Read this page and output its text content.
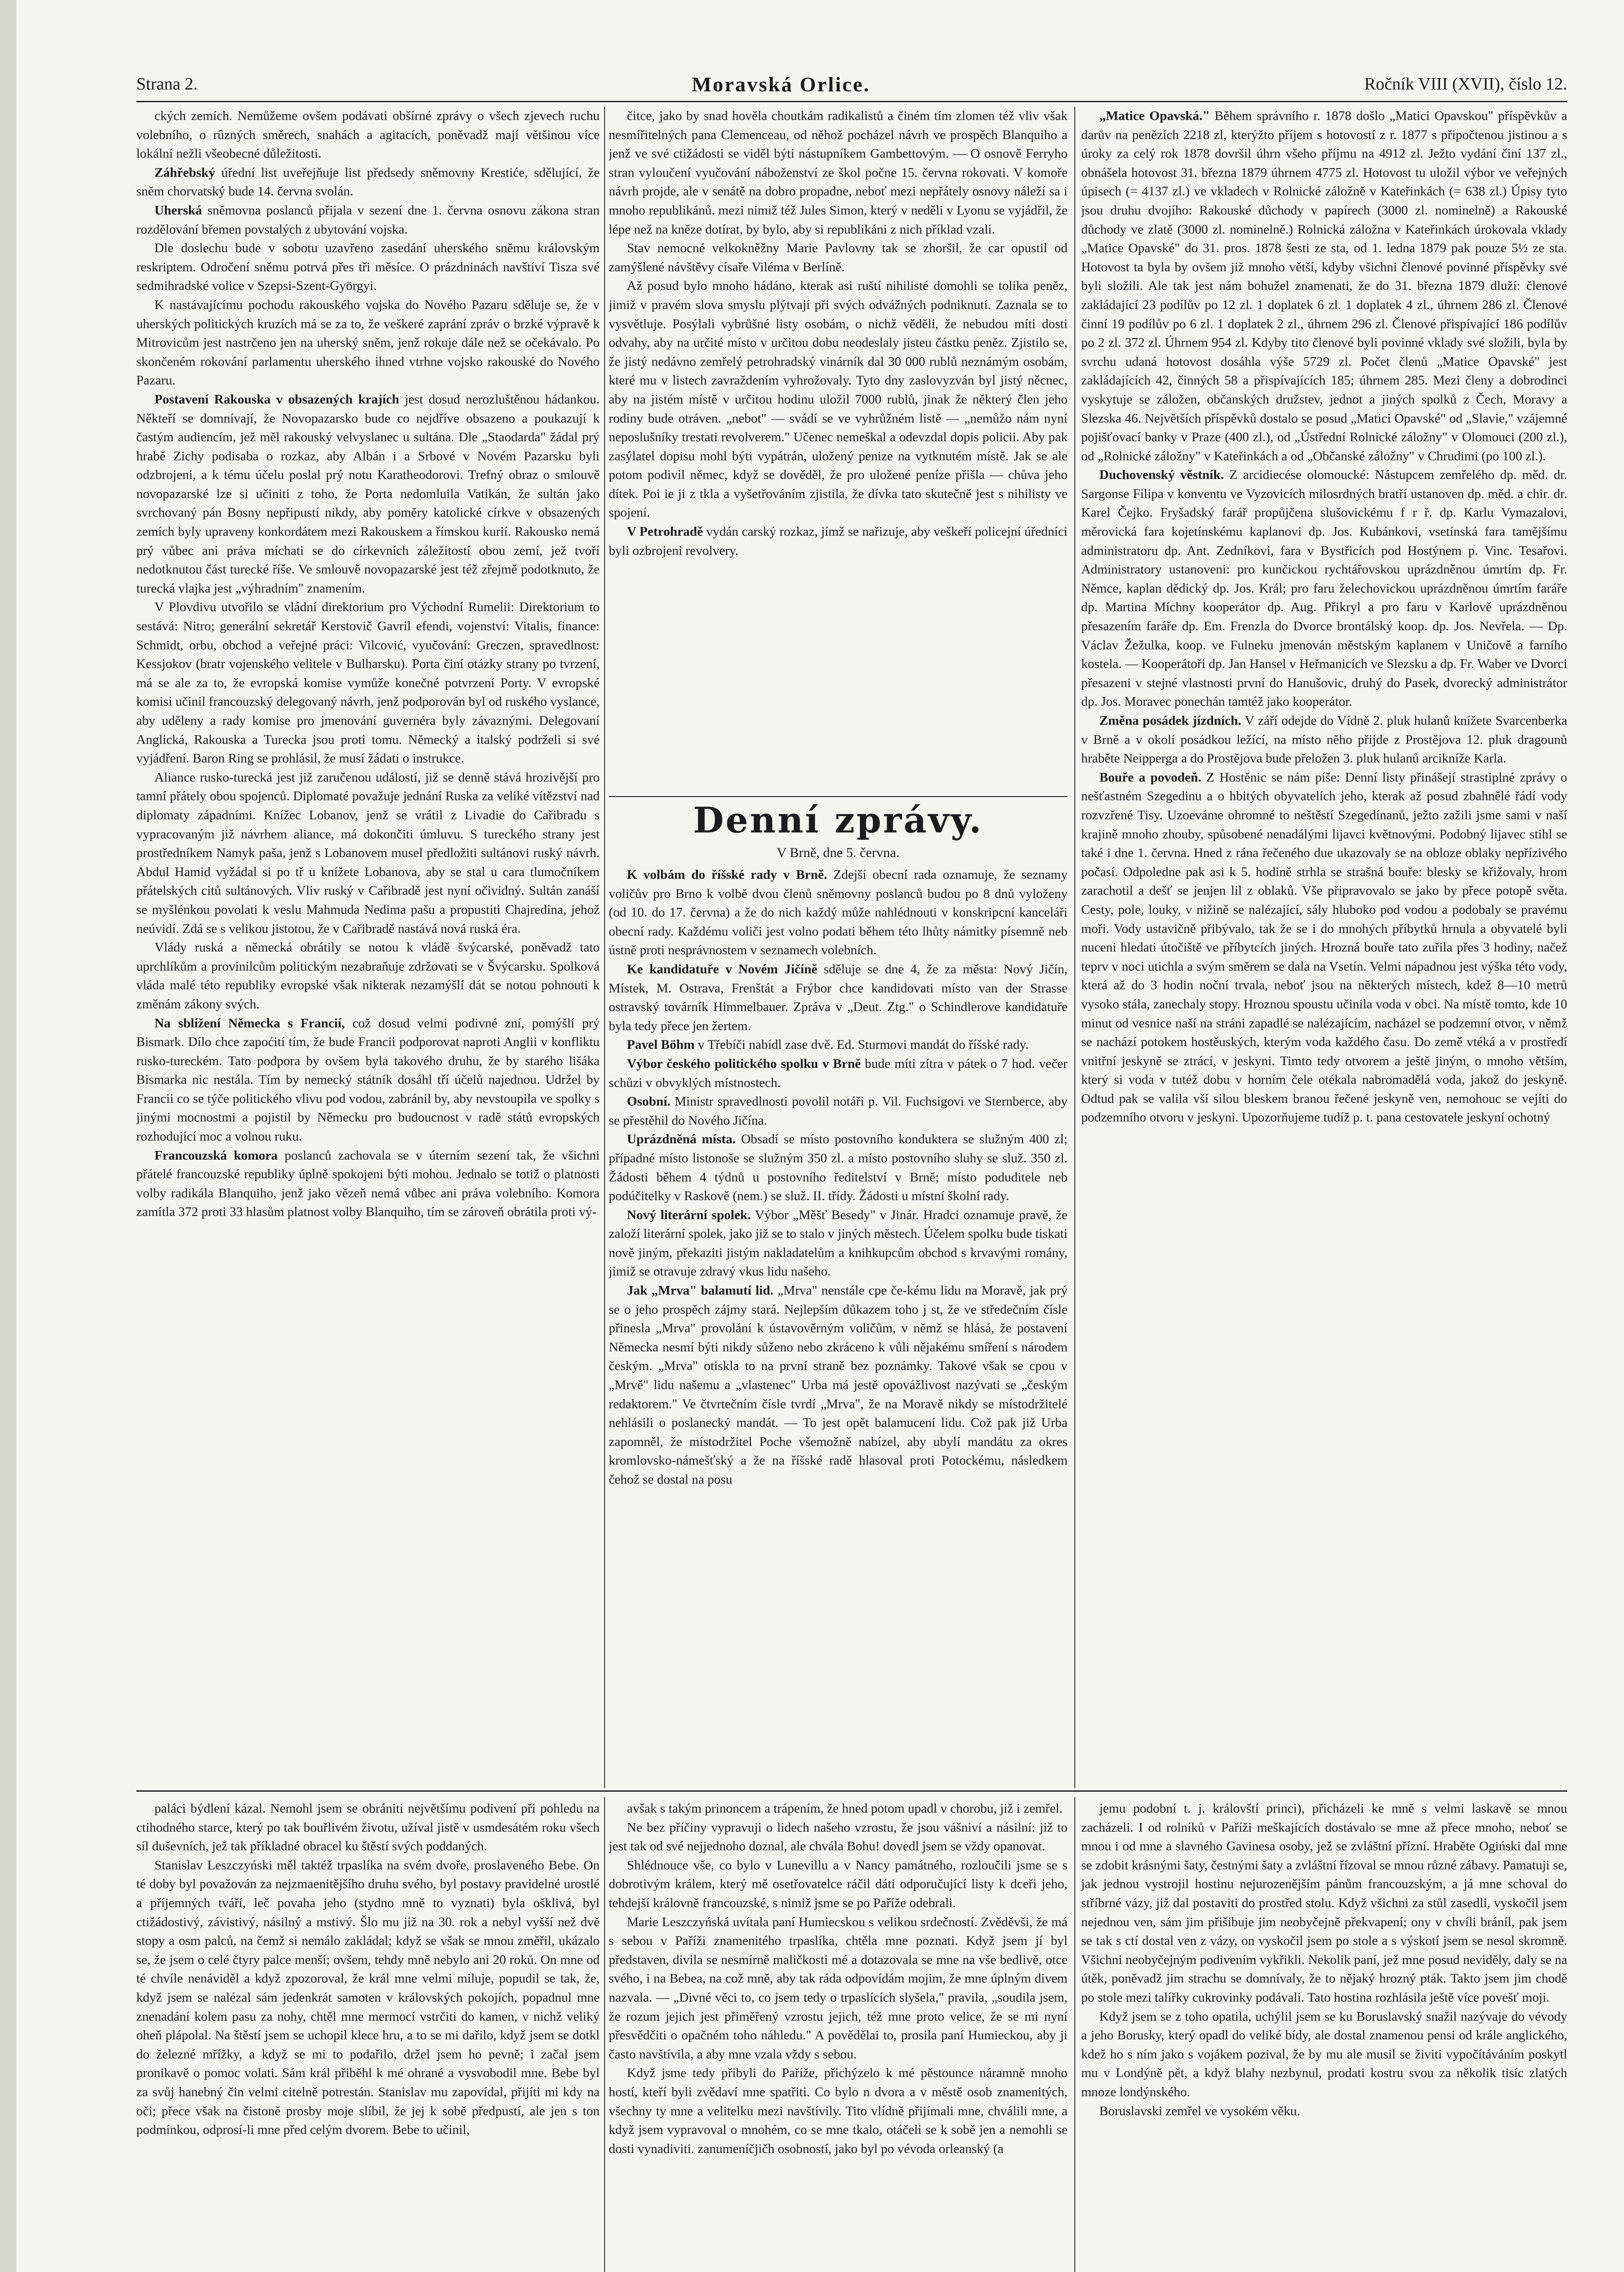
Strana 2.	Moravská Orlice.	Ročník VIII (XVII), číslo 12.

ckých zemích. Nemůžeme ovšem podávati obšírné zprávy o všech zjevech ruchu volebního, o rûzných směrech, snahách a agitacích, poněvadž mají většinou více lokální nežli všeobecné důležitosti.

Záhřebský úřední list uveřejňuje list předsedy sněmovny Krestiće, sdělující, že sněm chorvatský bude 14. června svolán.

Uherská sněmovna poslanců přijala v sezení dne 1. června osnovu zákona stran rozdělování břemen povstalých z ubytování vojska.

Dle doslechu bude v sobotu uzavřeno zasedání uherského sněmu královským reskriptem. Odročení sněmu potrvá přes tři měsíce. O prázdninách navštíví Tisza své sedmihradské volice v Szepsi-Szent-Györgyi.

K nastávajícímu pochodu rakouského vojska do Nového Pazaru sděluje se, že v uherských politických kruzích má se za to, že veškeré zaprání zpráv o brzké výpravě k Mitrovicům jest nastrčeno jen na uherský sněm, jenž rokuje dále než se očekávalo. Po skončeném rokování parlamentu uherského ihned vtrhne vojsko rakouské do Nového Pazaru.

Postavení Rakouska v obsazených krajích jest dosud nerozluštěnou hádankou. Někteří se domnívají, že Novopazarsko bude co nejdříve obsazeno a poukazují k častým audiencím, jež měl rakouský velvyslanec u sultána. Dle „Staodarda" žádal prý hrabě Zichy podisaba o rozkaz, aby Albán i a Srbové v Novém Pazarsku byli odzbrojeni, a k tému účelu poslal prý notu Karatheodorovi. Trefný obraz o smlouvě novopazarské lze si učiniti z toho, že Porta nedomluila Vatikán, že sultán jako svrchovaný pán Bosny nepřipustí nikdy, aby poměry katolické církve v obsazených zemích byly upraveny konkordátem mezi Rakouskem a římskou kurií. Rakousko nemá prý vůbec ani práva míchati se do církevních záležitostí obou zemí, jež tvoří nedotknutou část turecké říše. Ve smlouvě novopazarské jest též zřejmě podotknuto, že turecká vlajka jest „výhradním" znamením.

V Plovdivu utvořilo se vládní direktorium pro Východní Rumelii: Direktorium to sestává: Nitro; generální sekretář Kerstovič Gavril efendi, vojenství: Vitalis, finance: Schmidt, orbu, obchod a veřejné práci: Vilcović, vyučování: Greczen, spravedlnost: Kessjokov (bratr vojenského velitele v Bulharsku). Porta činí otázky strany po tvrzení, má se ale za to, že evropská komise vymůže konečné potvrzení Porty. V evropské komisi učinil francouzský delegovaný návrh, jenž podporován byl od ruského vyslance, aby uděleny a rady komise pro jmenování guvernéra byly závaznými. Delegovaní Anglická, Rakouska a Turecka jsou proti tomu. Německý a italský podrželi si své vyjádření. Baron Ring se prohlásil, že musí žádati o instrukce.

Aliance rusko-turecká jest již zaručenou událostí, již se denně stává hrozivější pro tamní přátely obou spojenců. Diplomaté považuje jednání Ruska za veliké vítězství nad diplomaty západními. Knížec Lobanov, jenž se vrátil z Livadie do Cařibradu s vypracovaným již návrhem aliance, má dokončiti úmluvu. S tureckého strany jest prostředníkem Namyk paša, jenž s Lobanovem musel předložiti sultánovi ruský návrh. Abdul Hamid vyžádal si po tř u knížete Lobanova, aby se stal u cara tlumočníkem přátelských citů sultánových. Vliv ruský v Cařibradě jest nyní očividný. Sultán zanáší se myšlénkou povolati k veslu Mahmuda Nedima pašu a propustiti Chajredina, jehož neúvidí. Zdá se s velikou jistotou, že v Cařibradě nastává nová ruská éra.

Vlády ruská a německá obrátily se notou k vládě švýcarské, poněvadž tato uprchlíkům a provinilcům politickým nezabraňuje zdržovati se v Švýcarsku. Spolková vláda malé této republiky evropské však nikterak nezamýšlí dát se notou pohnouti k změnám zákony svých.

Na sblížení Německa s Francií, což dosud velmi podivné zní, pomýšlí prý Bismark. Dílo chce zapoćití tím, že bude Francii podporovat naproti Anglii v konfliktu rusko-tureckém. Tato podpora by ovšem byla takového druhu, že by starého lišáka Bismarka nic nestála. Tím by nemecký státník dosáhl tří účelů najednou. Udržel by Francii co se týče politického vlivu pod vodou, zabránil by, aby nevstoupila ve spolky s jinými mocnostmi a pojistil by Německu pro budoucnost v radě států evropských rozhodující moc a volnou ruku.

Francouzská komora poslanců zachovala se v úterním sezení tak, že všichni přátelé francouzské republiky úplně spokojeni býti mohou. Jednalo se totiž o platnosti volby radikála Blanquiho, jenž jako vězeň nemá vůbec ani práva volebního. Komora zamítla 372 proti 33 hlasům platnost volby Blanquiho, tím se zároveň obrátila proti vý-

čitce, jako by snad hověla choutkám radikalistů a činém tím zlomen též vliv však nesmířitelných pana Clemenceau, od něhož pocházel návrh ve prospěch Blanquiho a jenž ve své ctižádosti se viděl býti nástupníkem Gambettovým. — O osnově Ferryho stran vyloučení vyučování náboženství ze škol počne 15. června rokovati. V komoře návrh projde, ale v senátě na dobro propadne, neboť mezi nepřátely osnovy náleží sa i mnoho republikánů. mezi nimiž též Jules Simon, který v neděli v Lyonu se vyjádřil, že lépe než na kněze dotírat, by bylo, aby si republikáni z nich příklad vzali.

Stav nemocné velkokněžny Marie Pavlovny tak se zhoršil, že car opustil od zamýšlené návštěvy císaře Viléma v Berlíně.

Až posud bylo mnoho hádáno, kterak asi ruští nihilisté domohli se tolika peněz, jimiž v pravém slova smyslu plýtvají při svých odvážných podniknutí. Zaznala se to vysvětluje. Posýlali vybrůšné listy osobám, o nichž věděli, že nebudou míti dosti odvahy, aby na určité místo v určitou dobu neodeslaly jisteu částku peněz. Zjistilo se, že jistý nedávno zemřelý petrohradský vinárník dal 30 000 rublů neznámým osobám, které mu v listech zavraždením vyhrožovaly. Tyto dny zaslovyzván byl jistý něcnec, aby na jistém místě v určitou hodinu uložil 7000 rublů, jinak že některý člen jeho rodiny bude otráven. „nebot" — svádí se ve vyhrůžném listě — „nemůžo nám nyní neposlušníky trestati revolverem." Učenec nemeškal a odevzdal dopis policii. Aby pak zasýlatel dopisu mohl býti vypátrán, uložený penize na vytknutém místě. Jak se ale potom podivil němec, když se dověděl, že pro uložené peníze přišla — chůva jeho dítek. Poi ie ji z tkla a vyšetřováním zjistila, že dívka tato skutečně jest s nihilisty ve spojení.

V Petrohradě vydán carský rozkaz, jímž se nařizuje, aby veškeří policejní úředníci byli ozbrojeni revolvery.

Denní zprávy.
V Brně, dne 5. června.

K volbám do říšské rady v Brně. Zdejší obecní rada oznamuje, že seznamy voličův pro Brno k volbě dvou členů sněmovny poslanců budou po 8 dnů vyloženy (od 10. do 17. června) a že do nich každý může nahlédnouti v konskripcní kanceláři obecní rady. Každému voliči jest volno podati během této lhůty námitky písemně neb ústně proti nesprávnostem v seznamech volebních.

Ke kandidatuře v Novém Jičíně sděluje se dne 4, že za města: Nový Jičín, Místek, M. Ostrava, Frenštát a Frýbor chce kandidovati místo van der Strasse ostravský továrník Himmelbauer. Zpráva v „Deut. Ztg." o Schindlerove kandidatuře byla tedy přece jen žertem.

Pavel Böhm v Třebíči nabídl zase dvě. Ed. Sturmovi mandát do říšské rady.

Výbor českého politického spolku v Brně bude míti zítra v pátek o 7 hod. večer schůzi v obvyklých místnostech.

Osobní. Ministr spravedlnosti povolil notáři p. Vil. Fuchsigovi ve Sternberce, aby se přestěhil do Nového Jičína.

Uprázdněná místa. Obsadí se místo postovního konduktera se služným 400 zl; případné místo listonoše se služným 350 zl. a místo postovního sluhy se služ. 350 zl. Žádosti během 4 týdnů u postovního ředitelství v Brně; místo poduditele neb podúčitelky v Raskově (nem.) se služ. II. třídy. Žádosti u místní školní rady.

Nový literární spolek. Výbor „Měšť Besedy" v Jinár. Hradci oznamuje pravě, že založí literární spolek, jako již se to stalo v jiných městech. Účelem spolku bude tiskati nově jiným, překaziti jistým nakladatelům a knihkupcům obchod s krvavými romány, jimiž se otravuje zdravý vkus lidu našeho.

Jak „Mrva" balamutí lid. „Mrva" nenstále cpe če-kému lidu na Moravě, jak prý se o jeho prospěch zájmy stará. Nejlepším důkazem toho j st, že ve středečním čísle přinesla „Mrva" provolání k ústavověrným voličům, v němž se hlásá, že postavení Německa nesmí býti nikdy sůženo nebo zkráceno k vůli nějakému smíření s národem českým. „Mrva" otiskla to na první straně bez poznámky. Takové však se cpou v „Mrvě" lidu našemu a „vlastenec" Urba má jestě opovážlivost nazývati se „českým redaktorem." Ve čtvrtečním čísle tvrdí „Mrva", že na Moravě nikdy se místodržitelé nehlásili o poslanecký mandát. — To jest opět balamucení lidu. Což pak již Urba zapomněl, že místodržitel Poche všemožně nabízel, aby ubylí mandátu za okres kromlovsko-námešťský a že na říšské radě hlasoval proti Potockému, následkem čehož se dostal na posu

„Matice Opavská." Během správního r. 1878 došlo „Matici Opavskou" příspěvkův a darův na penězích 2218 zl, kterýžto příjem s hotovostí z r. 1877 s připočtenou jistinou a s úroky za celý rok 1878 dovršil úhrn všeho příjmu na 4912 zl. Ježto vydání činí 137 zl., obnášela hotovost 31. března 1879 úhrnem 4775 zl. Hotovost tu uložil výbor ve veřejných úpisech (= 4137 zl.) ve vkladech v Rolnické záložně v Kateřinkách (= 638 zl.) Úpisy tyto jsou druhu dvojího: Rakouské důchody v papírech (3000 zl. nominelně) a Rakouské důchody ve zlatě (3000 zl. nominelně.) Rolnická záložna v Kateřinkách úrokovala vklady „Matice Opavské" do 31. pros. 1878 šesti ze sta, od 1. ledna 1879 pak pouze 5½ ze sta. Hotovost ta byla by ovšem již mnoho větší, kdyby všichni členové povinné příspěvky své byli složili. Ale tak jest nám bohužel znamenati, že do 31. března 1879 dluží: členové zakládající 23 podílův po 12 zl. 1 doplatek 6 zl. 1 doplatek 4 zl., úhrnem 286 zl. Členové činní 19 podílův po 6 zl. 1 doplatek 2 zl., úhrnem 296 zl. Členové přispívající 186 podílův po 2 zl. 372 zl. Úhrnem 954 zl. Kdyby tito členové byli povinné vklady své složili, byla by svrchu udaná hotovost dosáhla výše 5729 zl. Počet členů „Matice Opavské" jest zakládajících 42, činných 58 a přispívajících 185; úhrnem 285. Mezi členy a dobrodinci vyskytuje se záložen, občanských družstev, jednot a jiných spolků z Čech, Moravy a Slezska 46. Největších příspěvků dostalo se posud „Matici Opavské" od „Slavie," vzájemné pojišťovací banky v Praze (400 zl.), od „Ústřední Rolnické záložny" v Olomouci (200 zl.), od „Rolnické záložny" v Kateřinkách a od „Občanské záložny" v Chrudimi (po 100 zl.).

Duchovenský věstník. Z arcidiecése olomoucké: Nástupcem zemřelého dp. měd. dr. Sargonse Filipa v konventu ve Vyzovicích milosrdných bratří ustanoven dp. měd. a chir. dr. Karel Čejko. Fryšadský farář propůjčena slušovickému f r ř. dp. Karlu Vymazalovi, měrovická fara kojetínskému kaplanovi dp. Jos. Kubánkovi, vsetínská fara tamějšímu administratoru dp. Ant. Zedníkovi, fara v Bystřicích pod Hostýnem p. Vinc. Tesařovi. Administratory ustanoveni: pro kunčickou rychtářovskou uprázdněnou úmrtím dp. Fr. Němce, kaplan dědický dp. Jos. Král; pro faru želechovickou uprázdněnou úmrtím faráře dp. Martina Míchny kooperátor dp. Aug. Přikryl a pro faru v Karlově uprázdněnou přesazením faráře dp. Em. Frenzla do Dvorce brontálský koop. dp. Jos. Nevřela. — Dp. Václav Žežulka, koop. ve Fulneku jmenován městským kaplanem v Uničově a farního kostela. — Kooperátoři dp. Jan Hansel v Heřmanicích ve Slezsku a dp. Fr. Waber ve Dvorci přesazeni v stejné vlastnosti první do Hanušovic, druhý do Pasek, dvorecký administrátor dp. Jos. Moravec ponechán tamtéž jako kooperátor.

Změna posádek jízdních. V září odejde do Vídně 2. pluk hulanů knížete Svarcenberka v Brně a v okolí posádkou ležící, na místo něho přijde z Prostějova 12. pluk dragounů hraběte Neipperga a do Prostějova bude přeložen 3. pluk hulanů arcikníže Karla.

Bouře a povodeň. Z Hostěnic se nám píše: Denní listy přinášejí strastiplné zprávy o nešťastném Szegedinu a o hbitých obyvatelích jeho, kterak až posud zbahnělé řádí vody rozvzřené Tisy. Uzoeváme ohromné to neštěstí Szegedínanů, ježto zažili jsme sami v naší krajině mnoho zhouby, spůsobené nenadálými lijavci květnovými. Podobný lijavec stihl se také i dne 1. června. Hned z rána řečeného due ukazovaly se na obloze oblaky nepřízivého počasí. Odpoledne pak asi k 5. hodině strhla se strašná bouře: blesky se křižovaly, hrom zarachotil a dešť se jenjen lil z oblaků. Vše připravovalo se jako by přece potopě světa. Cesty, pole, louky, v nižině se nalézající, sály hluboko pod vodou a podobaly se pravému moři. Vody ustavičně přibývalo, tak že se i do mnohých příbytků hrnula a obyvatelé byli nuceni hledati útočiště ve příbytcích jiných. Hrozná bouře tato zuřila přes 3 hodiny, načež teprv v noci utichla a svým směrem se dala na Vsetín. Velmi nápadnou jest výška této vody, která až do 3 hodin noční trvala, neboť jsou na některých místech, kdež 8—10 metrů vysoko stála, zanechaly stopy. Hroznou spoustu učinila voda v obci. Na místě tomto, kde 10 minut od vesnice naší na stráni zapadlé se nalézajícím, nacházel se podzemní otvor, v němž se nachází potokem hostěuských, kterým voda každého času. Do země vtéká a v prostředí vnitřní jeskyně se ztrácí, v jeskyni. Timto tedy otvorem a ještě jiným, o mnoho větším, který si voda v tutéž dobu v horním čele otékala nabromadělá voda, jakož do jeskyně. Odtud pak se valila vší silou bleskem branou řečené jeskyně ven, nemohouc se vejíti do podzemního otvoru v jeskyni. Upozorňujeme tudíž p. t. pana cestovatele jeskyní ochotný

paláci býdlení kázal. Nemohl jsem se obrániti největšímu podivení při pohledu na ctihodného starce, který po tak bouřlivém životu, užíval jistě v usmdesátém roku všech síl duševních, jež tak příkladné obracel ku štěstí svých poddaných.

Stanislav Leszczyński měl taktéž trpaslíka na svém dvoře, proslaveného Bebe. On té doby byl považován za nejzmaenitějšího druhu svého, byl postavy pravidelné urostlé a příjemných tváří, leč povaha jeho (stydno mně to vyznati) byla ošklivá, byl ctižádostivý, závistivý, násilný a mstivý. Šlo mu již na 30. rok a nebyl vyšší než dvě stopy a osm palců, na čemž si nemálo zakládal; když se však se mnou změřil, ukázalo se, že jsem o celé čtyry palce menší; ovšem, tehdy mně nebylo ani 20 roků. On mne od té chvíle nenáviděl a když zpozoroval, že král mne velmi miluje, popudil se tak, že, když jsem se nalézal sám jedenkrát samoten v královských pokojích, popadnul mne znenadání kolem pasu za nohy, chtěl mne mermocí vstrčiti do kamen, v nichž veliký oheň plápolal. Na štěstí jsem se uchopil klece hru, a to se mi dařilo, když jsem se dotkl do železné mřížky, a když se mi to podařilo, držel jsem ho pevně; i začal jsem pronikavě o pomoc volati. Sám král přiběhl k mé ohrané a vysvobodil mne. Bebe byl za svůj hanebný čin velmi citelně potrestán. Stanislav mu zapovídal, přijíti mi kdy na oči; přece však na čistoně prosby moje slíbil, že jej k sobě předpustí, ale jen s ton podmínkou, odprosí-li mne před celým dvorem. Bebe to učinil,

avšak s takým prinoncem a trápením, že hned potom upadl v chorobu, již i zemřel.

Ne bez příčiny vypravuji o lidech našeho vzrostu, že jsou vášniví a násilní: již to jest tak od své nejjednoho doznal, ale chvála Bohu! dovedl jsem se vždy opanovat.

Shlédnouce vše, co bylo v Lunevillu a v Nancy památného, rozloučili jsme se s dobrotivým králem, který mě osetřovatelce ráčil dáti odporučující listy k dceři jeho, tehdejší královně francouzské, s nimiž jsme se po Paříže odebrali.

Marie Leszczyńská uvítala paní Humiecskou s velikou srdečností. Zvěděvši, že má s sebou v Paříži znamenitého trpaslíka, chtěla mne poznati. Když jsem jí byl představen, divila se nesmírně maličkosti mé a dotazovala se mne na vše bedlivě, otce svého, i na Bebea, na což mně, aby tak ráda odpovídám mojim, že mne úplným divem nazvala. — „Divné věci to, co jsem tedy o trpaslících slyšela," pravila, „soudila jsem, že rozum jejich jest přiměřený vzrostu jejich, též mne proto velice, že se mi nyní přesvědčiti o opačném toho náhledu." A povědělai to, prosila paní Humieckou, aby ji často navštívila, a aby mne vzala vždy s sebou.

Když jsme tedy přibyli do Paříže, přichýzelo k mé pěstounce náramně mnoho hostí, kteří byli zvědaví mne spatřiti. Co bylo n dvora a v městě osob znamenitých, všechny ty mne a velitelku mezi navštívily. Tito vlídně přijímali mne, chválili mne, a když jsem vypravoval o mnohém, co se mne tkalo, otáčeli se k sobě jen a nemohli se dosti vynadiviti. zanumeníčjičh osobností, jako byl po vévoda orleanský (a

jemu podobní t. j. královští princi), přicházeli ke mně s velmi laskavě se mnou zacházeli. I od rolníků v Paříži meškajících dostávalo se mne až přece mnoho, neboť se mnou i od mne a slavného Gavinesa osoby, jež se zvláštní přízní. Hraběte Ogiński dal mne se zdobit krásnými šaty, čestnými šaty a zvláštní řízoval se mnou různé zábavy. Pamatuji se, jak jednou vystrojil hostinu nejurozenějším pánům francouzským, a já mne schoval do stříbrné vázy, již dal postaviti do prostřed stolu. Když všichni za stůl zasedli, vyskočil jsem nejednou ven, sám jim přišibuje jim neobyčejně překvapení; ony v chvíli bráníl, pak jsem se tak s ctí dostal ven z vázy, on vyskočil jsem po stole a s výskotí jsem se nesol skromně. Všichni neobyčejným podivením vykřikli. Nekolik paní, jež mne posud neviděly, daly se na útěk, poněvadž jim strachu se domnívaly, že to nějaký hrozný pták. Takto jsem jim chodě po stole mezi talířky cukrovinky podávali. Tato hostina rozhlásila ještě více povešť moji.

Když jsem se z toho opatila, uchýlil jsem se ku Boruslavský snažil nazývaje do vévody a jeho Borusky, který opadl do veliké bídy, ale dostal znamenou pensi od krále anglického, kdež ho s ním jako s vojákem pozival, že by mu ale musil se živiti vypočítáváním poskytl mu v Londýně pět, a když blahy nezbynul, prodati kostru svou za několik tisíc zlatých mnoze londýnského.

Boruslavski zemřel ve vysokém věku.
